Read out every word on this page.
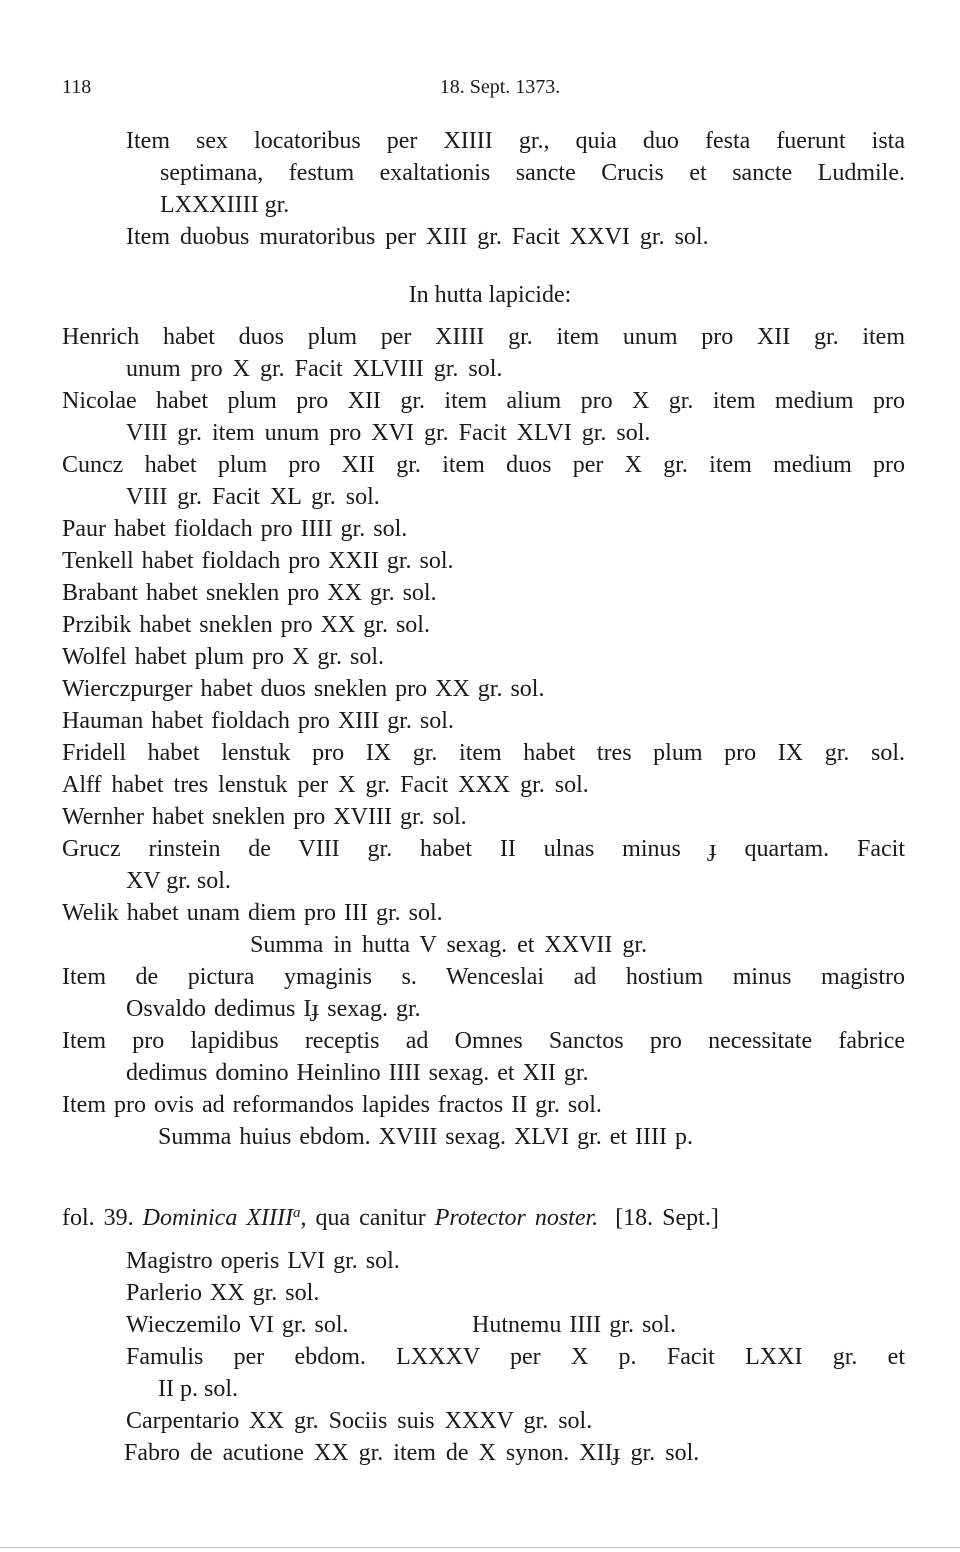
118	18. Sept. 1373.
Item sex locatoribus per XIIII gr., quia duo festa fuerunt ista
septimana, festum exaltationis sancte Crucis et sancte Ludmile.
LXXXIIII gr.
Item duobus muratoribus per XIII gr. Facit XXVI gr. sol.
In hutta lapicide:
Henrich habet duos plum per XIIII gr. item unum pro XII gr. item
unum pro X gr. Facit XLVIII gr. sol.
Nicolae habet plum pro XII gr. item alium pro X gr. item medium pro
VIII gr. item unum pro XVI gr. Facit XLVI gr. sol.
Cuncz habet plum pro XII gr. item duos per X gr. item medium pro
VIII gr. Facit XL gr. sol.
Paur habet fioldach pro IIII gr. sol.
Tenkell habet fioldach pro XXII gr. sol.
Brabant habet sneklen pro XX gr. sol.
Przibik habet sneklen pro XX gr. sol.
Wolfel habet plum pro X gr. sol.
Wierczpurger habet duos sneklen pro XX gr. sol.
Hauman habet fioldach pro XIII gr. sol.
Fridell habet lenstuk pro IX gr. item habet tres plum pro IX gr. sol.
Alff habet tres lenstuk per X gr. Facit XXX gr. sol.
Wernher habet sneklen pro XVIII gr. sol.
Grucz rinstein de VIII gr. habet II ulnas minus ɟ quartam. Facit
XV gr. sol.
Welik habet unam diem pro III gr. sol.
Summa in hutta V sexag. et XXVII gr.
Item de pictura ymaginis s. Wenceslai ad hostium minus magistro
Osvaldo dedimus Iɟ sexag. gr.
Item pro lapidibus receptis ad Omnes Sanctos pro necessitate fabrice
dedimus domino Heinlino IIII sexag. et XII gr.
Item pro ovis ad reformandos lapides fractos II gr. sol.
Summa huius ebdom. XVIII sexag. XLVI gr. et IIII p.
fol. 39. Dominica XIIII$^a$, qua canitur Protector noster. [18. Sept.]
Magistro operis LVI gr. sol.
Parlerio XX gr. sol.
Wieczemilo VI gr. sol.	Hutnemu IIII gr. sol.
Famulis per ebdom. LXXXV per X p. Facit LXXI gr. et
II p. sol.
Carpentario XX gr. Sociis suis XXXV gr. sol.
Fabro de acutione XX gr. item de X synon. XIIɟ gr. sol.
